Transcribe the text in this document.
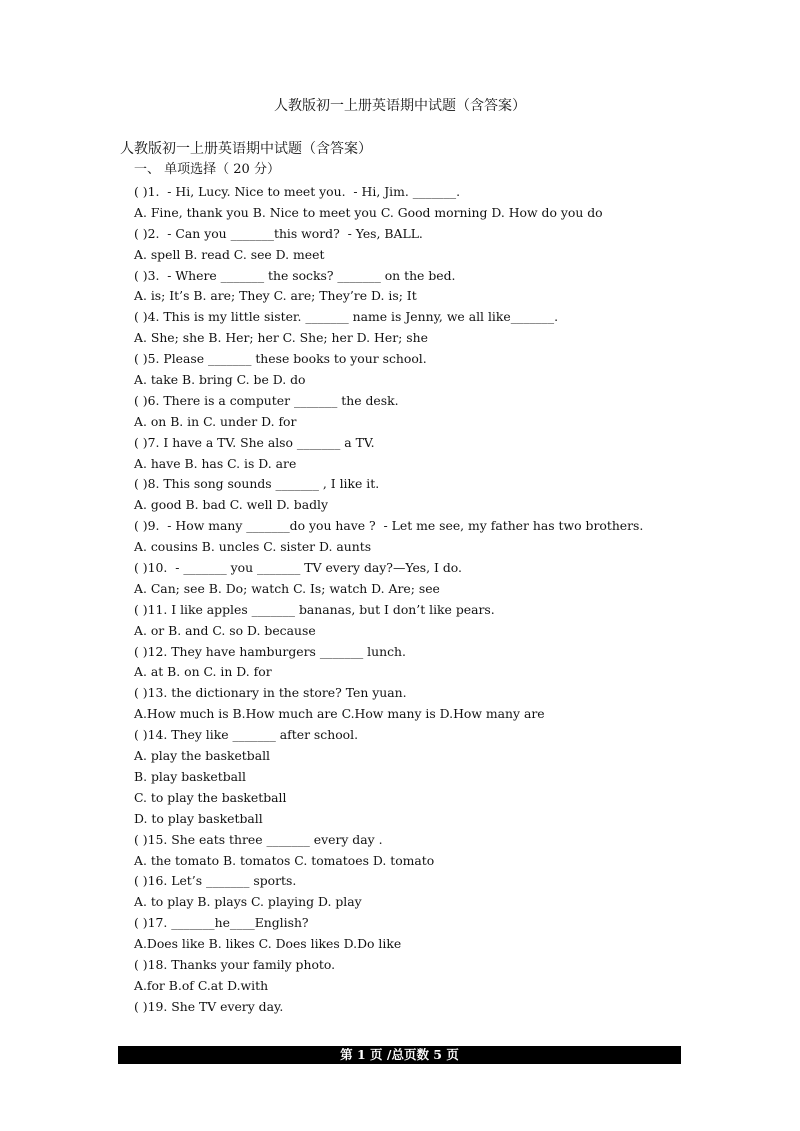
人教版初一上册英语期中试题（含答案）
人教版初一上册英语期中试题（含答案）
一、 单项选择（ 20 分）
( )1.  - Hi, Lucy. Nice to meet you.  - Hi, Jim. _______.
A. Fine, thank you B. Nice to meet you C. Good morning D. How do you do
( )2.  - Can you _______this word?  - Yes, BALL.
A. spell B. read C. see D. meet
( )3.  - Where _______ the socks? _______ on the bed.
A. is; It’s B. are; They C. are; They’re D. is; It
( )4. This is my little sister. _______ name is Jenny, we all like_______.
A. She; she B. Her; her C. She; her D. Her; she
( )5. Please _______ these books to your school.
A. take B. bring C. be D. do
( )6. There is a computer _______ the desk.
A. on B. in C. under D. for
( )7. I have a TV. She also _______ a TV.
A. have B. has C. is D. are
( )8. This song sounds _______ , I like it.
A. good B. bad C. well D. badly
( )9.  - How many _______do you have ?  - Let me see, my father has two brothers.
A. cousins B. uncles C. sister D. aunts
( )10.  - _______ you _______ TV every day?—Yes, I do.
A. Can; see B. Do; watch C. Is; watch D. Are; see
( )11. I like apples _______ bananas, but I don’t like pears.
A. or B. and C. so D. because
( )12. They have hamburgers _______ lunch.
A. at B. on C. in D. for
( )13. the dictionary in the store? Ten yuan.
A.How much is B.How much are C.How many is D.How many are
( )14. They like _______ after school.
A. play the basketball
B. play basketball
C. to play the basketball
D. to play basketball
( )15. She eats three _______ every day .
A. the tomato B. tomatos C. tomatoes D. tomato
( )16. Let’s _______ sports.
A. to play B. plays C. playing D. play
( )17. _______he____English?
A.Does like B. likes C. Does likes D.Do like
( )18. Thanks your family photo.
A.for B.of C.at D.with
( )19. She TV every day.
第 1 页 /总页数 5 页
